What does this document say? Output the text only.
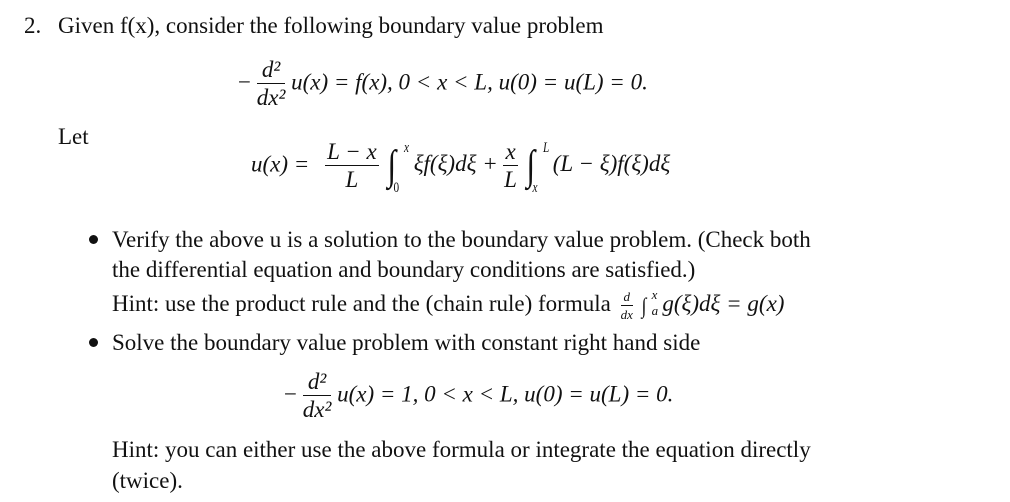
2. Given f(x), consider the following boundary value problem
− $\frac{\text{d²}}{\text{dx²}} u(x) = f(x)$, 0 < x < L, u(0) = u(L) = 0.
Let
$u(x) = \frac{L - x}{L}$ ∫ x
0
$\xi f(\xi)d\xi + \frac{x}{L}$ ∫ L
x
(L − ξ)f(ξ)dξ
Verify the above u is a solution to the boundary value problem. (Check both
the differential equation and boundary conditions are satisfied.)
Hint: use the product rule and the (chain rule) formula $\frac{d}{dx}$ ∫ x
a g(ξ)dξ = g(x)
Solve the boundary value problem with constant right hand side
− $\frac{\text{d²}}{\text{dx²}} u(x) = 1$, 0 < x < L, u(0) = u(L) = 0.
Hint: you can either use the above formula or integrate the equation directly
(twice).
